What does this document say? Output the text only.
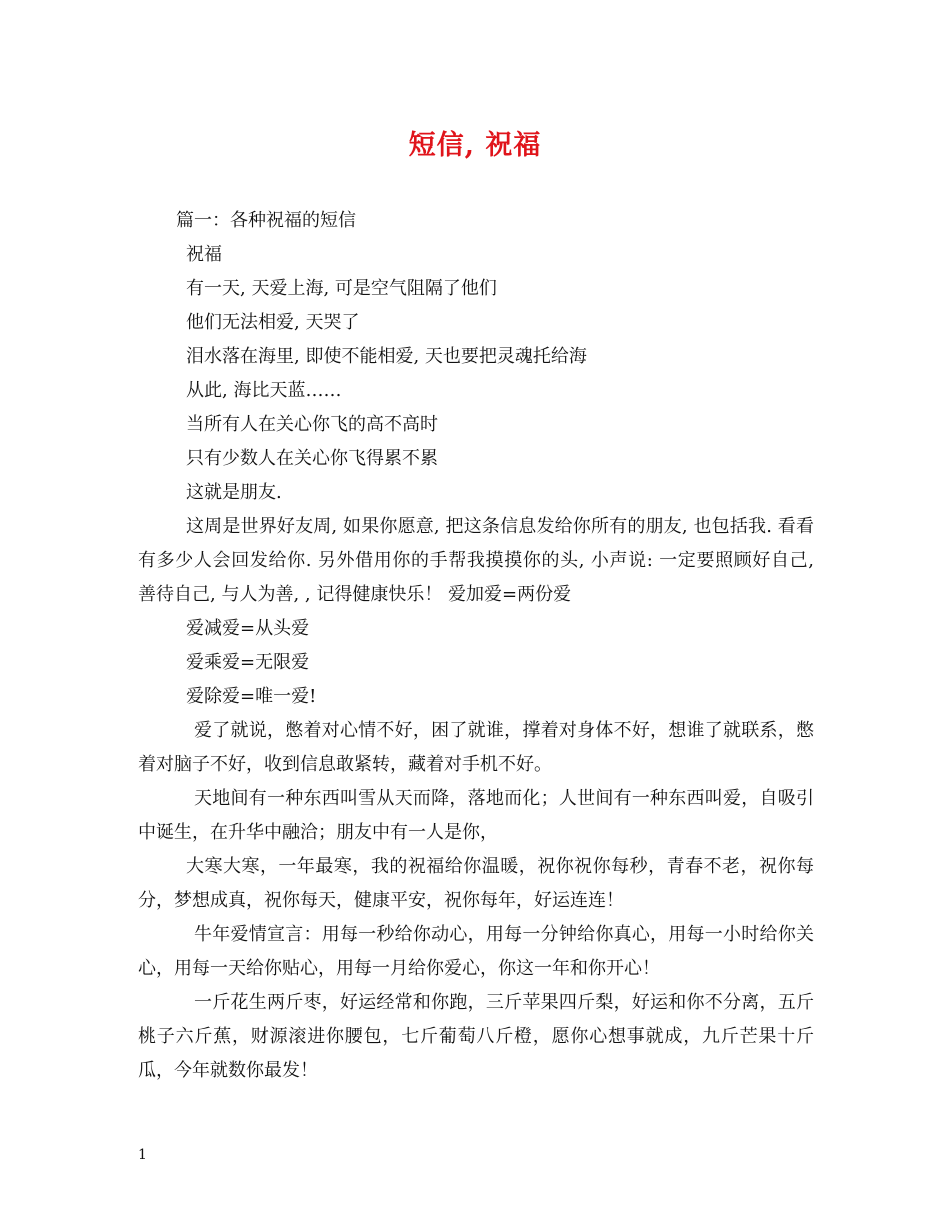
短信, 祝福

篇一：各种祝福的短信

祝福

有一天, 天爱上海, 可是空气阻隔了他们

他们无法相爱, 天哭了

泪水落在海里, 即使不能相爱, 天也要把灵魂托给海

从此, 海比天蓝……

当所有人在关心你飞的高不高时

只有少数人在关心你飞得累不累

这就是朋友.

这周是世界好友周, 如果你愿意, 把这条信息发给你所有的朋友, 也包括我. 看看有多少人会回发给你. 另外借用你的手帮我摸摸你的头, 小声说: 一定要照顾好自己, 善待自己, 与人为善, , 记得健康快乐！ 爱加爱=两份爱

爱减爱=从头爱

爱乘爱=无限爱

爱除爱=唯一爱!

爱了就说，憋着对心情不好，困了就谁，撑着对身体不好，想谁了就联系，憋着对脑子不好，收到信息敢紧转，藏着对手机不好。

天地间有一种东西叫雪从天而降，落地而化；人世间有一种东西叫爱，自吸引中诞生，在升华中融洽；朋友中有一人是你，

大寒大寒，一年最寒，我的祝福给你温暖，祝你祝你每秒，青春不老，祝你每分，梦想成真，祝你每天，健康平安，祝你每年，好运连连！

牛年爱情宣言：用每一秒给你动心，用每一分钟给你真心，用每一小时给你关心，用每一天给你贴心，用每一月给你爱心，你这一年和你开心！

一斤花生两斤枣，好运经常和你跑，三斤苹果四斤梨，好运和你不分离，五斤桃子六斤蕉，财源滚进你腰包，七斤葡萄八斤橙，愿你心想事就成，九斤芒果十斤瓜，今年就数你最发！

1
